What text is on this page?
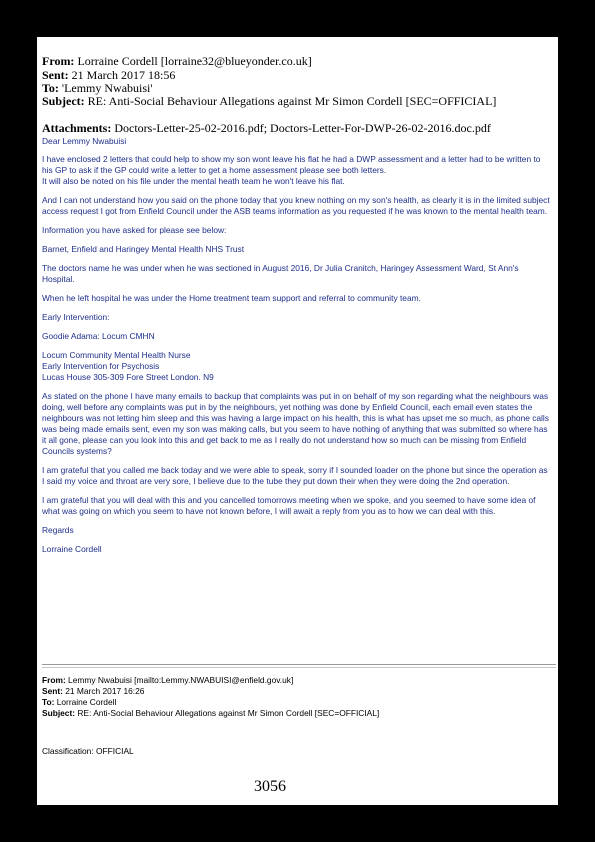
From: Lorraine Cordell [lorraine32@blueyonder.co.uk]
Sent: 21 March 2017 18:56
To: 'Lemmy Nwabuisi'
Subject: RE: Anti-Social Behaviour Allegations against Mr Simon Cordell [SEC=OFFICIAL]
Attachments: Doctors-Letter-25-02-2016.pdf; Doctors-Letter-For-DWP-26-02-2016.doc.pdf

Dear Lemmy Nwabuisi

I have enclosed 2 letters that could help to show my son wont leave his flat he had a DWP assessment and a letter had to be written to his GP to ask if the GP could write a letter to get a home assessment please see both letters.

It will also be noted on his file under the mental heath team he won't leave his flat.

And I can not understand how you said on the phone today that you knew nothing on my son's health, as clearly it is in the limited subject access request I got from Enfield Council under the ASB teams information as you requested if he was known to the mental health team.

Information you have asked for please see below:

Barnet, Enfield and Haringey Mental Health NHS Trust

The doctors name he was under when he was sectioned in August 2016, Dr Julia Cranitch, Haringey Assessment Ward, St Ann's Hospital.

When he left hospital he was under the Home treatment team support and referral to community team.

Early Intervention:

Goodie Adama: Locum CMHN

Locum Community Mental Health Nurse

Early Intervention for Psychosis

Lucas House 305-309 Fore Street London. N9

As stated on the phone I have many emails to backup that complaints was put in on behalf of my son regarding what the neighbours was doing, well before any complaints was put in by the neighbours, yet nothing was done by Enfield Council, each email even states the neighbours was not letting him sleep and this was having a large impact on his health, this is what has upset me so much, as phone calls was being made emails sent, even my son was making calls, but you seem to have nothing of anything that was submitted so where has it all gone, please can you look into this and get back to me as I really do not understand how so much can be missing from Enfield Councils systems?

I am grateful that you called me back today and we were able to speak, sorry if I sounded loader on the phone but since the operation as I said my voice and throat are very sore, I believe due to the tube they put down their when they were doing the 2nd operation.

I am grateful that you will deal with this and you cancelled tomorrows meeting when we spoke, and you seemed to have some idea of what was going on which you seem to have not known before, I will await a reply from you as to how we can deal with this.

Regards

Lorraine Cordell

From: Lemmy Nwabuisi [mailto:Lemmy.NWABUISI@enfield.gov.uk]
Sent: 21 March 2017 16:26
To: Lorraine Cordell
Subject: RE: Anti-Social Behaviour Allegations against Mr Simon Cordell [SEC=OFFICIAL]
Classification: OFFICIAL
3056
